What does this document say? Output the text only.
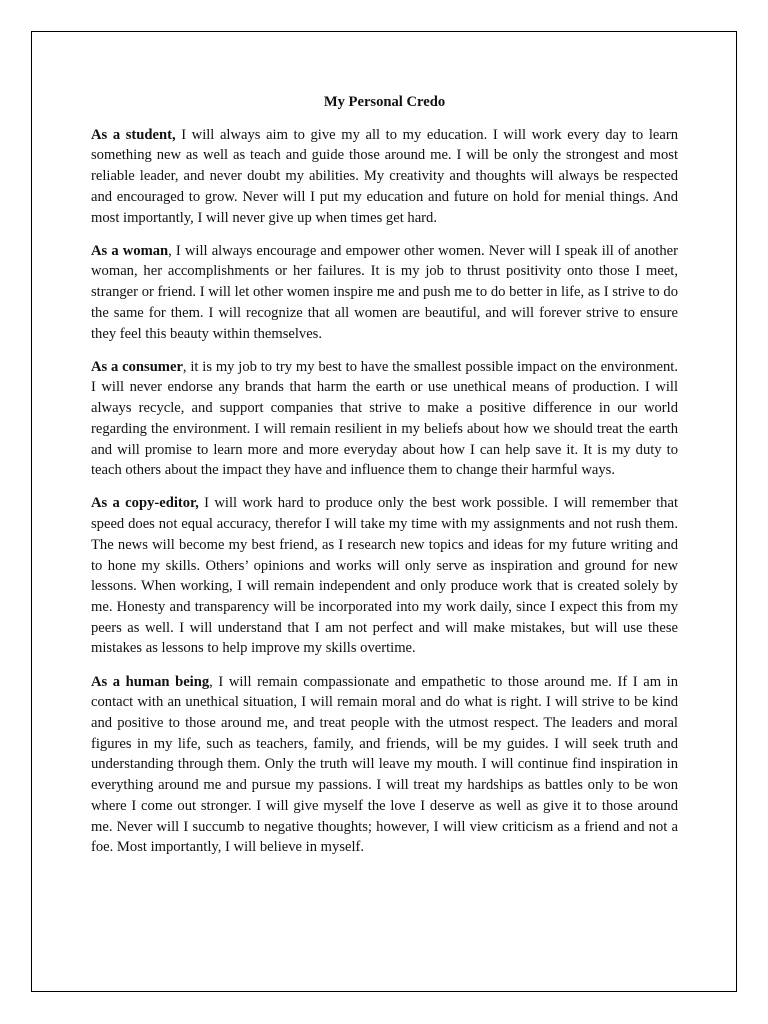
My Personal Credo

As a student, I will always aim to give my all to my education. I will work every day to learn something new as well as teach and guide those around me. I will be only the strongest and most reliable leader, and never doubt my abilities. My creativity and thoughts will always be respected and encouraged to grow. Never will I put my education and future on hold for menial things. And most importantly, I will never give up when times get hard.

As a woman, I will always encourage and empower other women. Never will I speak ill of another woman, her accomplishments or her failures. It is my job to thrust positivity onto those I meet, stranger or friend. I will let other women inspire me and push me to do better in life, as I strive to do the same for them. I will recognize that all women are beautiful, and will forever strive to ensure they feel this beauty within themselves.

As a consumer, it is my job to try my best to have the smallest possible impact on the environment. I will never endorse any brands that harm the earth or use unethical means of production. I will always recycle, and support companies that strive to make a positive difference in our world regarding the environment. I will remain resilient in my beliefs about how we should treat the earth and will promise to learn more and more everyday about how I can help save it. It is my duty to teach others about the impact they have and influence them to change their harmful ways.

As a copy-editor, I will work hard to produce only the best work possible. I will remember that speed does not equal accuracy, therefor I will take my time with my assignments and not rush them. The news will become my best friend, as I research new topics and ideas for my future writing and to hone my skills. Others’ opinions and works will only serve as inspiration and ground for new lessons. When working, I will remain independent and only produce work that is created solely by me. Honesty and transparency will be incorporated into my work daily, since I expect this from my peers as well. I will understand that I am not perfect and will make mistakes, but will use these mistakes as lessons to help improve my skills overtime.

As a human being, I will remain compassionate and empathetic to those around me. If I am in contact with an unethical situation, I will remain moral and do what is right. I will strive to be kind and positive to those around me, and treat people with the utmost respect. The leaders and moral figures in my life, such as teachers, family, and friends, will be my guides. I will seek truth and understanding through them. Only the truth will leave my mouth. I will continue find inspiration in everything around me and pursue my passions. I will treat my hardships as battles only to be won where I come out stronger. I will give myself the love I deserve as well as give it to those around me. Never will I succumb to negative thoughts; however, I will view criticism as a friend and not a foe. Most importantly, I will believe in myself.
